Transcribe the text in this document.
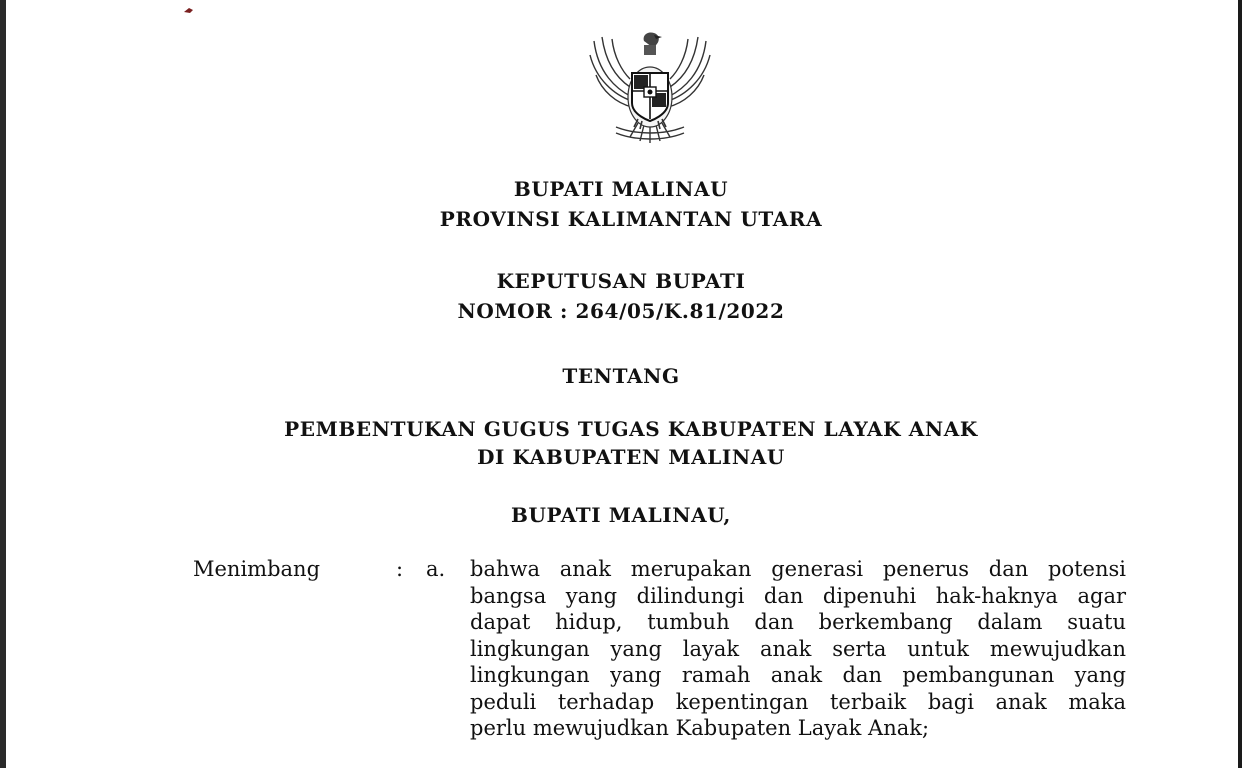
BUPATI MALINAU
PROVINSI KALIMANTAN UTARA
KEPUTUSAN BUPATI
NOMOR : 264/05/K.81/2022
TENTANG
PEMBENTUKAN GUGUS TUGAS KABUPATEN LAYAK ANAK
DI KABUPATEN MALINAU
BUPATI MALINAU,
Menimbang	: a. bahwa anak merupakan generasi penerus dan potensi
bangsa yang dilindungi dan dipenuhi hak-haknya agar
dapat hidup, tumbuh dan berkembang dalam suatu
lingkungan yang layak anak serta untuk mewujudkan
lingkungan yang ramah anak dan pembangunan yang
peduli terhadap kepentingan terbaik bagi anak maka
perlu mewujudkan Kabupaten Layak Anak;
